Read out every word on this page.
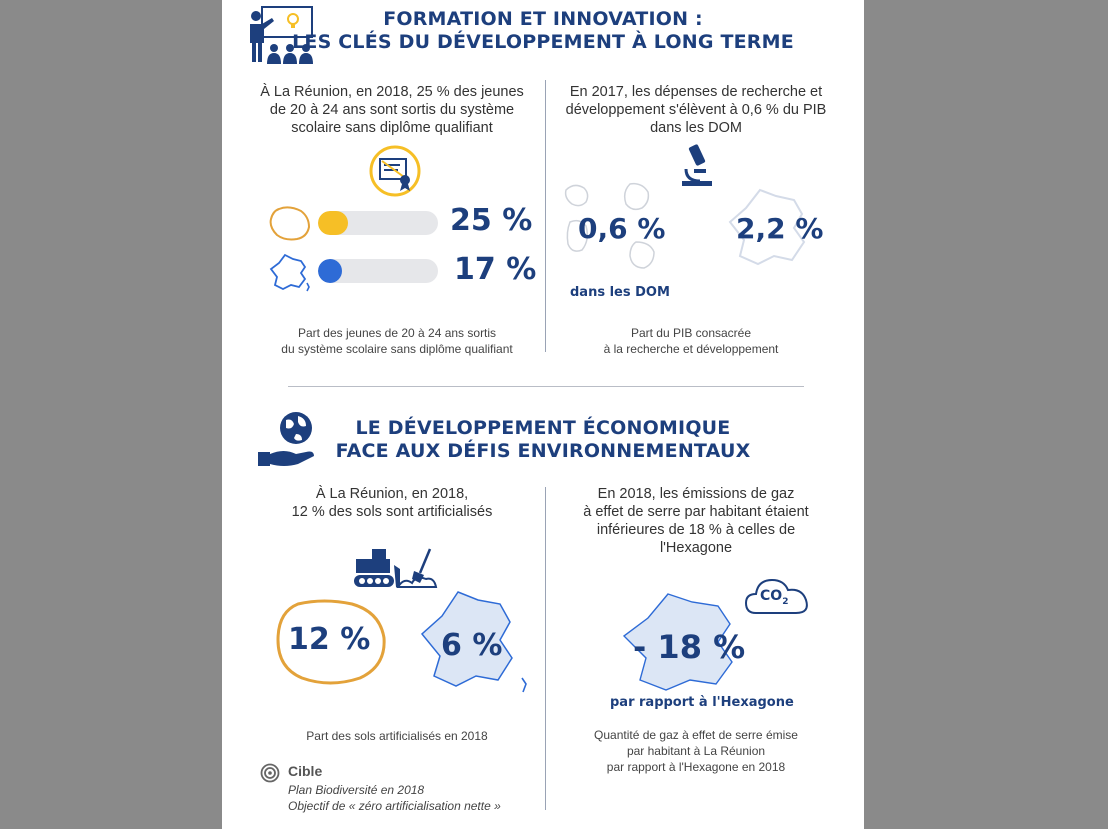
FORMATION ET INNOVATION :
LES CLÉS DU DÉVELOPPEMENT À LONG TERME
À La Réunion, en 2018, 25 % des jeunes
de 20 à 24 ans sont sortis du système
scolaire sans diplôme qualifiant
25 %
17 %
Part des jeunes de 20 à 24 ans sortis
du système scolaire sans diplôme qualifiant
En 2017, les dépenses de recherche et
développement s'élèvent à 0,6 % du PIB
dans les DOM
0,6 %
dans les DOM
2,2 %
Part du PIB consacrée
à la recherche et développement
LE DÉVELOPPEMENT ÉCONOMIQUE
FACE AUX DÉFIS ENVIRONNEMENTAUX
À La Réunion, en 2018,
12 % des sols sont artificialisés
12 % 6 %
Part des sols artificialisés en 2018
Cible
Plan Biodiversité en 2018
Objectif de « zéro artificialisation nette »
En 2018, les émissions de gaz
à effet de serre par habitant étaient
inférieures de 18 % à celles de
l'Hexagone
$CO_2$
- 18 %
par rapport à l'Hexagone
Quantité de gaz à effet de serre émise
par habitant à La Réunion
par rapport à l'Hexagone en 2018
